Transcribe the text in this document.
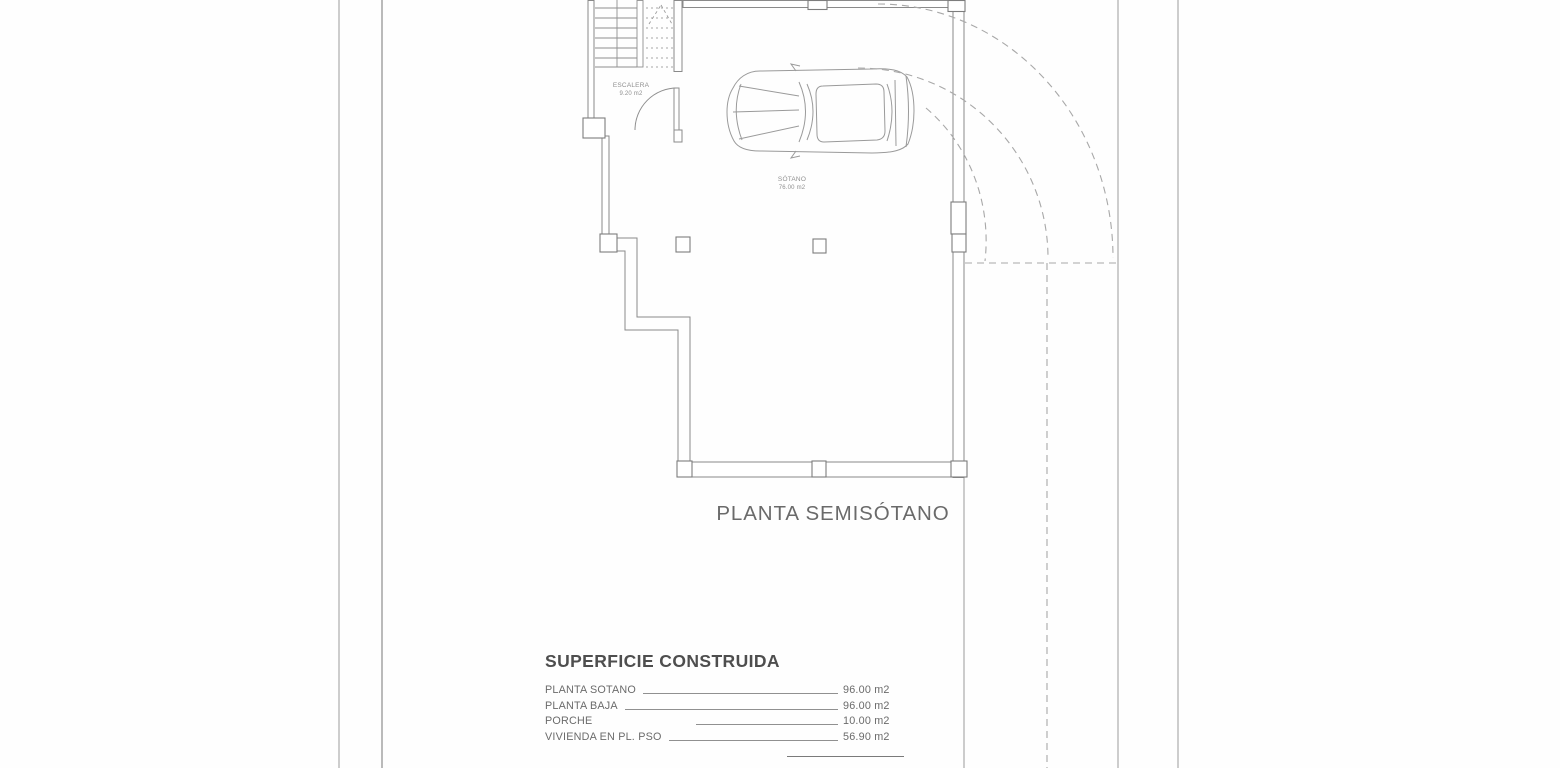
ESCALERA
9.20 m2
SÓTANO
76.00 m2
PLANTA SEMISÓTANO
SUPERFICIE CONSTRUIDA
PLANTA SOTANO	96.00 m2
PLANTA BAJA	96.00 m2
PORCHE	10.00 m2
VIVIENDA EN PL. PSO	56.90 m2
